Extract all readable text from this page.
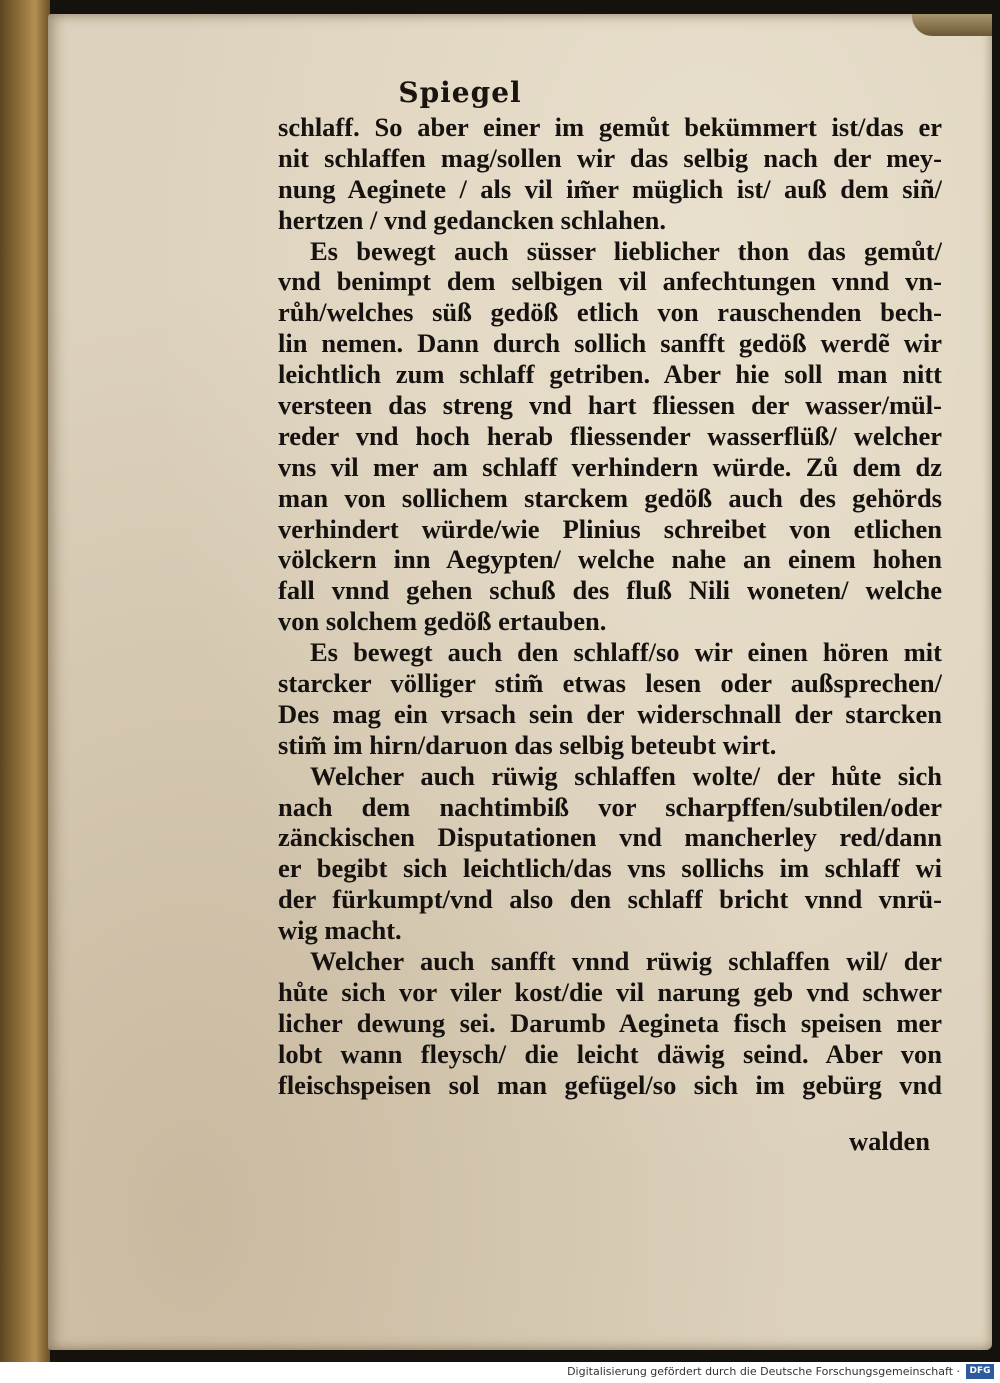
Spiegel
schlaff. So aber einer im gemůt bekümmert ist/das er
nit schlaffen mag/sollen wir das selbig nach der mey-
nung Aeginete / als vil im̃er müglich ist/ auß dem siñ/
hertzen / vnd gedancken schlahen.
Es bewegt auch süsser lieblicher thon das gemůt/
vnd benimpt dem selbigen vil anfechtungen vnnd vn-
růh/welches süß gedöß etlich von rauschenden bech-
lin nemen. Dann durch sollich sanfft gedöß werdẽ wir
leichtlich zum schlaff getriben. Aber hie soll man nitt
versteen das streng vnd hart fliessen der wasser/mül-
reder vnd hoch herab fliessender wasserflüß/ welcher
vns vil mer am schlaff verhindern würde. Zů dem dz
man von sollichem starckem gedöß auch des gehörds
verhindert würde/wie Plinius schreibet von etlichen
völckern inn Aegypten/ welche nahe an einem hohen
fall vnnd gehen schuß des fluß Nili woneten/ welche
von solchem gedöß ertauben.
Es bewegt auch den schlaff/so wir einen hören mit
starcker völliger stim̃ etwas lesen oder außsprechen/
Des mag ein vrsach sein der widerschnall der starcken
stim̃ im hirn/daruon das selbig beteubt wirt.
Welcher auch rüwig schlaffen wolte/ der hůte sich
nach dem nachtimbiß vor scharpffen/subtilen/oder
zänckischen Disputationen vnd mancherley red/dann
er begibt sich leichtlich/das vns sollichs im schlaff wi
der fürkumpt/vnd also den schlaff bricht vnnd vnrü-
wig macht.
Welcher auch sanfft vnnd rüwig schlaffen wil/ der
hůte sich vor viler kost/die vil narung geb vnd schwer
licher dewung sei. Darumb Aegineta fisch speisen mer
lobt wann fleysch/ die leicht däwig seind. Aber von
fleischspeisen sol man gefügel/so sich im gebürg vnd
walden
Digitalisierung gefördert durch die Deutsche Forschungsgemeinschaft ·	DFG
